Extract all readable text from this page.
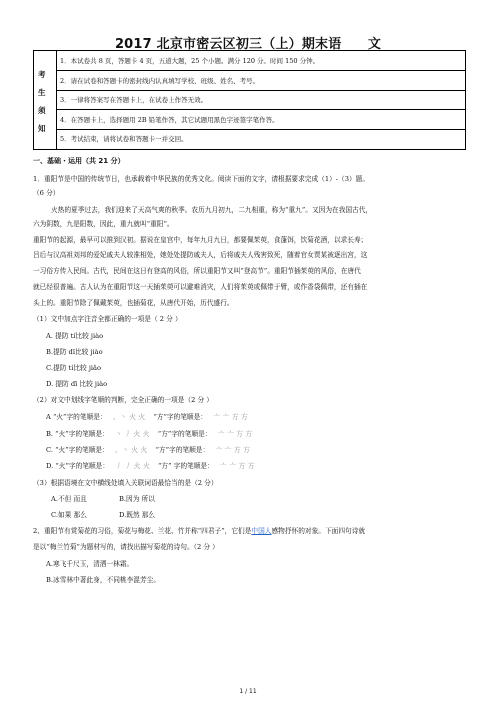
2017 北京市密云区初三（上）期末语　　文
考
生
须
知
1．本试卷共 8 页，答题卡 4 页，五道大题，25 个小题。满分 120 分。时间 150 分钟。
2．请在试卷和答题卡的密封线内认真填写学校、班级、姓名、考号。
3．一律将答案写在答题卡上，在试卷上作答无效。
4．在答题卡上，选择题用 2B 铅笔作答，其它试题用黑色字迹签字笔作答。
5．考试结束，请将试卷和答题卡一并交回。
一、基础・运用（共 21 分）
1．重阳节是中国的传统节日，也承载着中华民族的优秀文化。阅读下面的文字，请根据要求完成（1）-（3）题。
（6 分）
火热的夏季过去，我们迎来了天高气爽的秋季。农历九月初九，二九相重，称为“重九”。又因为在我国古代，
六为阴数，九是阳数，因此，重九就叫“重阳”。
重阳节的起源，最早可以推到汉初。据说在皇宫中，每年九月九日，都要佩茱萸，食蓬饵，饮菊花酒，以求长寿；
吕后与汉高祖刘邦的爱妃戚夫人较准相处，她处处提防戚夫人，后将戚夫人残害致死，随着官女贾某被逐出宫，这
一习俗方传入民间。古代，民间在这日有登高的风俗，所以重阳节又叫“登高节”。重阳节插茱萸的风俗，在唐代
就已经很普遍。古人认为在重阳节这一天插茱萸可以避难消灾，人们将茱萸或佩带于臂，或作香袋佩带，还有插在
头上的。重阳节除了佩戴茱萸，也插菊花，从唐代开始，历代盛行。
（1）文中加点字注音全都正确的一项是（ 2 分 ）
A. 提防 tí比较 jiào
B.提防 dī比较 jiào
C.提防 tí比较 jiǎo
D. 提防 dī 比较 jiào
（2）对文中划线字笔顺的判断，完全正确的一项是（2 分 ）
A “火”字的笔顺是： 、丶 火 火 “方”字的笔顺是： 亠 亠 方 方
B. “火”字的笔顺是： 丶 丿 火 火 “方”字的笔顺是： 亠 亠 方 方
C. “火”字的笔顺是： 、丶 火 火 “方”字的笔顺是： 亠 亠 方 方
D. “火”字的笔顺是： 丿 丿 火 火 “方” 字的笔顺是： 亠 亠 方 方
（3）根据语境在文中横线处填入关联词语最恰当的是（2 分）
A.不但 而且	B.因为 所以
C.如果 那么	D.既然 那么
2、重阳节有赏菊花的习俗，菊花与梅花、兰花、竹并称“四君子”，它们是中国人感物抒怀的对象。下面四句诗就
是以“梅兰竹菊”为题材写的，请找出描写菊花的诗句。（2 分 ）
A.寒飞千尺玉，清洒一林霜。
B.冰雪林中著此身，不同桃李混芳尘。
1 / 11
